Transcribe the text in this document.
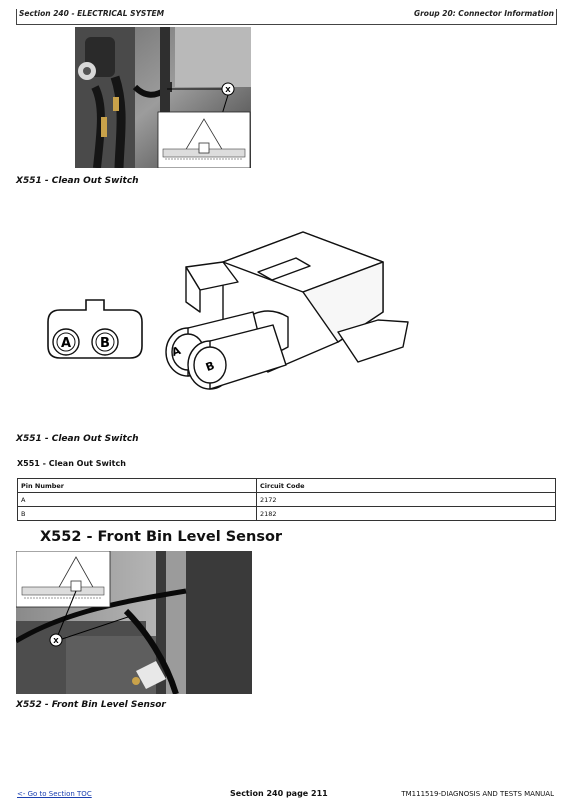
Section 240 - ELECTRICAL SYSTEM	Group 20: Connector Information
X
X551 - Clean Out Switch
A B
A
B
X551 - Clean Out Switch
X551 - Clean Out Switch
Pin Number	Circuit Code
A	2172
B	2182
X552 - Front Bin Level Sensor
X
X552 - Front Bin Level Sensor
<- Go to Section TOC	Section 240 page 211	TM111519-DIAGNOSIS AND TESTS MANUAL
